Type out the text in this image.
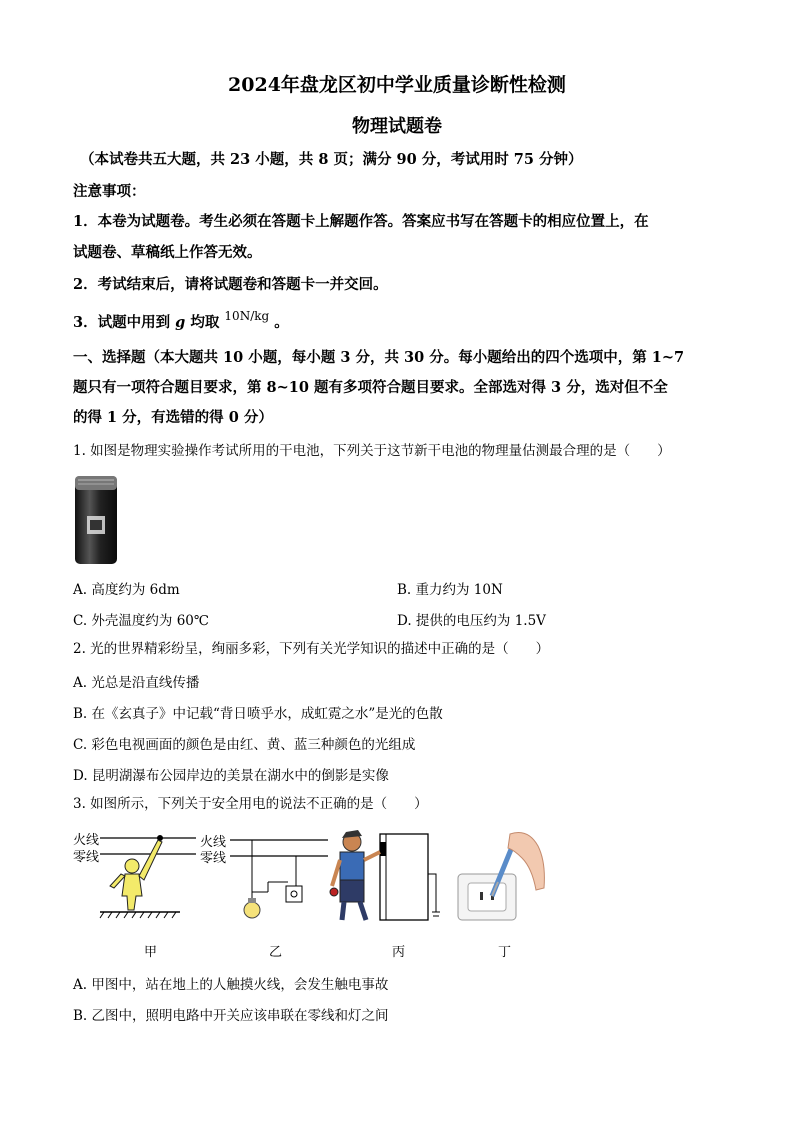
2024年盘龙区初中学业质量诊断性检测
物理试题卷
（本试卷共五大题，共 23 小题，共 8 页；满分 90 分，考试用时 75 分钟）
注意事项：
1．本卷为试题卷。考生必须在答题卡上解题作答。答案应书写在答题卡的相应位置上，在
试题卷、草稿纸上作答无效。
2．考试结束后，请将试题卷和答题卡一并交回。
3．试题中用到 g 均取 $^{10N/kg}$ 。
一、选择题（本大题共 10 小题，每小题 3 分，共 30 分。每小题给出的四个选项中，第 1~7
题只有一项符合题目要求，第 8~10 题有多项符合题目要求。全部选对得 3 分，选对但不全
的得 1 分，有选错的得 0 分）
1. 如图是物理实验操作考试所用的干电池，下列关于这节新干电池的物理量估测最合理的是（　　）
A. 高度约为 6dm	B. 重力约为 10N
C. 外壳温度约为 60℃	D. 提供的电压约为 1.5V
2. 光的世界精彩纷呈，绚丽多彩，下列有关光学知识的描述中正确的是（　　）
A. 光总是沿直线传播
B. 在《玄真子》中记载“背日喷乎水，成虹霓之水”是光的色散
C. 彩色电视画面的颜色是由红、黄、蓝三种颜色的光组成
D. 昆明湖瀑布公园岸边的美景在湖水中的倒影是实像
3. 如图所示，下列关于安全用电的说法不正确的是（　　）
火线
零线
火线
零线
甲	乙	丙	丁
A. 甲图中，站在地上的人触摸火线，会发生触电事故
B. 乙图中，照明电路中开关应该串联在零线和灯之间
